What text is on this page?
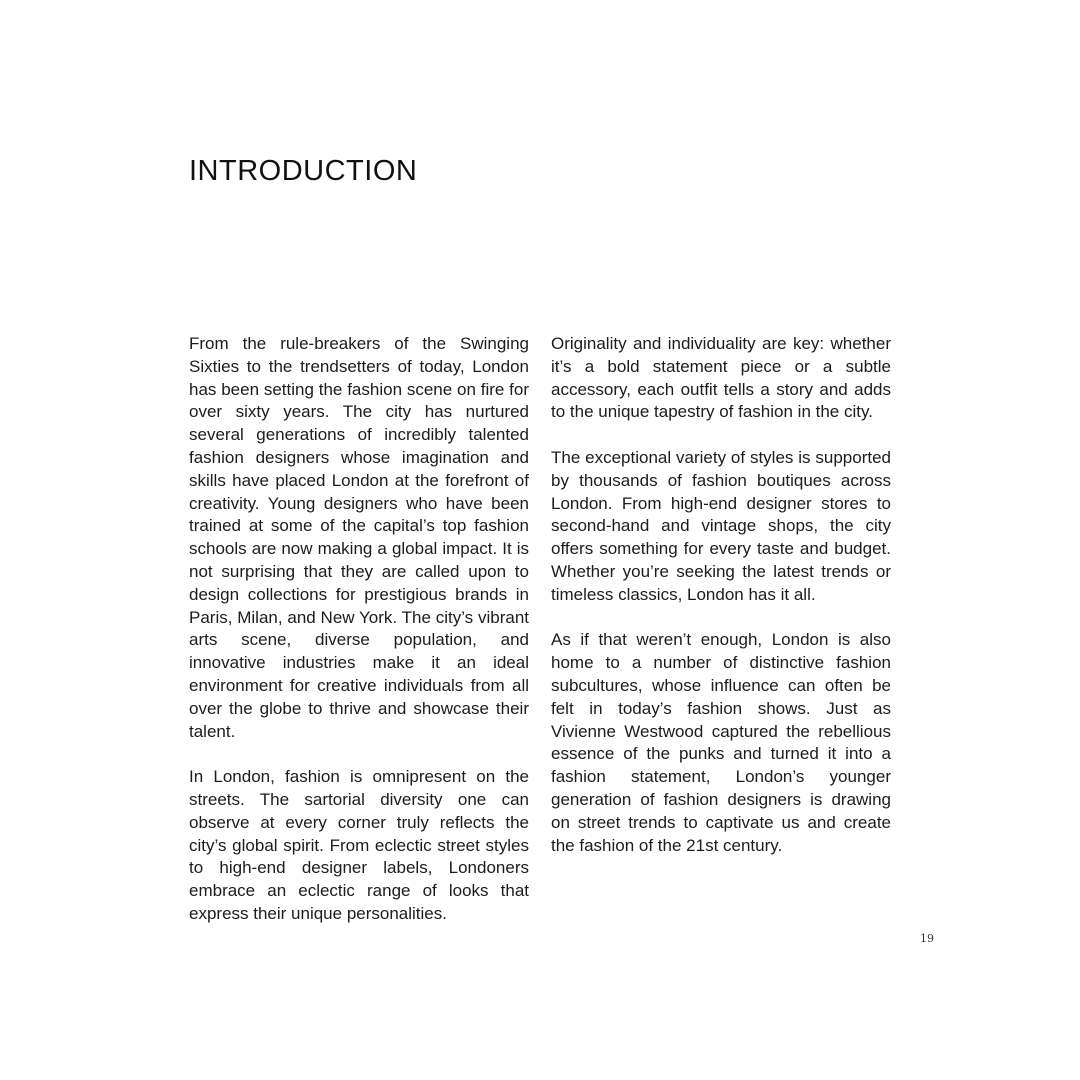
INTRODUCTION

From the rule-breakers of the Swinging Sixties to the trendsetters of today, London has been setting the fashion scene on fire for over sixty years. The city has nurtured several generations of incredibly talented fashion designers whose imagination and skills have placed London at the forefront of creativity. Young designers who have been trained at some of the capital’s top fashion schools are now making a global impact. It is not surprising that they are called upon to design collections for prestigious brands in Paris, Milan, and New York. The city’s vibrant arts scene, diverse population, and innovative industries make it an ideal environment for creative individuals from all over the globe to thrive and showcase their talent.

In London, fashion is omnipresent on the streets. The sartorial diversity one can observe at every corner truly reflects the city’s global spirit. From eclectic street styles to high-end designer labels, Londoners embrace an eclectic range of looks that express their unique personalities.

Originality and individuality are key: whether it’s a bold statement piece or a subtle accessory, each outfit tells a story and adds to the unique tapestry of fashion in the city.

The exceptional variety of styles is supported by thousands of fashion boutiques across London. From high-end designer stores to second-hand and vintage shops, the city offers something for every taste and budget. Whether you’re seeking the latest trends or timeless classics, London has it all.

As if that weren’t enough, London is also home to a number of distinctive fashion subcultures, whose influence can often be felt in today’s fashion shows. Just as Vivienne Westwood captured the rebellious essence of the punks and turned it into a fashion statement, London’s younger generation of fashion designers is drawing on street trends to captivate us and create the fashion of the 21st century.

19
